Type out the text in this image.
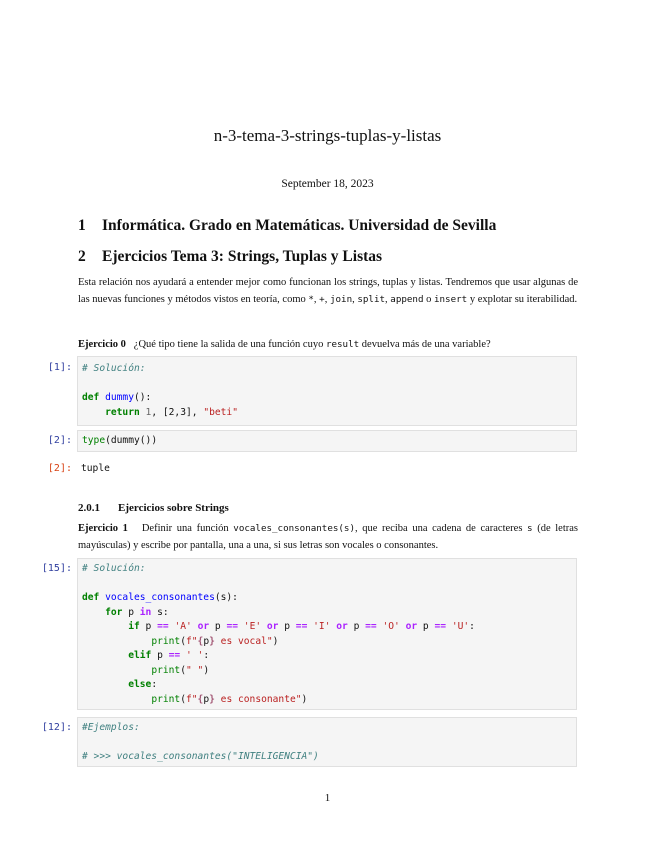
n-3-tema-3-strings-tuplas-y-listas
September 18, 2023
1 Informática. Grado en Matemáticas. Universidad de Sevilla
2 Ejercicios Tema 3: Strings, Tuplas y Listas
Esta relación nos ayudará a entender mejor como funcionan los strings, tuplas y listas. Tendremos que usar algunas de las nuevas funciones y métodos vistos en teoría, como *, +, join, split, append o insert y explotar su iterabilidad.
Ejercicio 0 ¿Qué tipo tiene la salida de una función cuyo result devuelva más de una variable?
[1]:	# Solución:

def dummy():
return 1, [2,3], "beti"
[2]:	type(dummy())
[2]: tuple
2.0.1 Ejercicios sobre Strings
Ejercicio 1 Definir una función vocales_consonantes(s), que reciba una cadena de caracteres s (de letras mayúsculas) y escribe por pantalla, una a una, si sus letras son vocales o consonantes.
[15]:	# Solución:

def vocales_consonantes(s):
for p in s:
if p == 'A' or p == 'E' or p == 'I' or p == 'O' or p == 'U':
print(f"{p} es vocal")
elif p == ' ':
print(" ")
else:
print(f"{p} es consonante")
[12]:	#Ejemplos:

# >>> vocales_consonantes("INTELIGENCIA")
1
